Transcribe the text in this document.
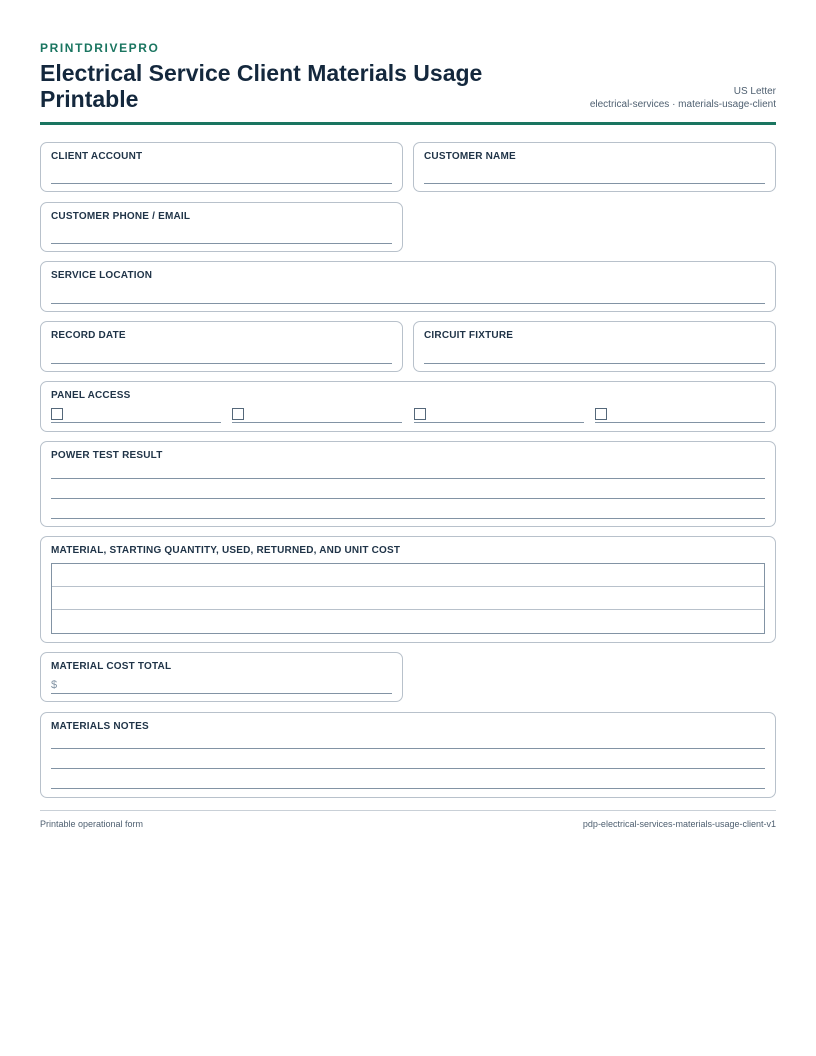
PRINTDRIVEPRO
Electrical Service Client Materials Usage Printable	US Letter
electrical-services · materials-usage-client
CLIENT ACCOUNT	CUSTOMER NAME
CUSTOMER PHONE / EMAIL
SERVICE LOCATION
RECORD DATE	CIRCUIT FIXTURE
PANEL ACCESS
POWER TEST RESULT
MATERIAL, STARTING QUANTITY, USED, RETURNED, AND UNIT COST
MATERIAL COST TOTAL
$
MATERIALS NOTES
Printable operational form	pdp-electrical-services-materials-usage-client-v1
